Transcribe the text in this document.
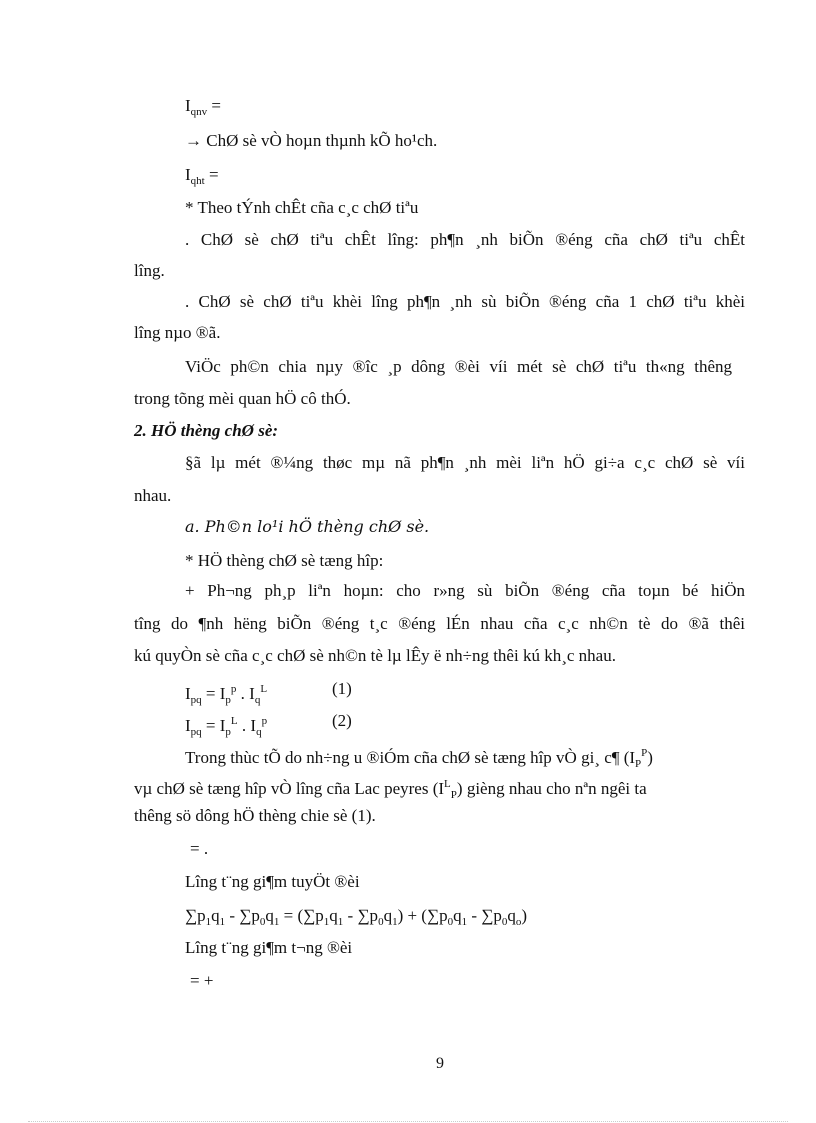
$I_{qnv}$ =
→ ChØ sè vÒ hoµn thµnh kÕ ho¹ch.
$I_{qht}$ =
* Theo tÝnh chÊt cña c¸c chØ tiªu
. ChØ sè chØ tiªu chÊt lîng: ph¶n ¸nh biÕn ®éng cña chØ tiªu chÊt
lîng.
. ChØ sè chØ tiªu khèi lîng ph¶n ¸nh sù biÕn ®éng cña 1 chØ tiªu khèi
lîng nµo ®ã.
ViÖc ph©n chia nµy ®îc ¸p dông ®èi víi mét sè chØ tiªu th«ng thêng
trong tõng mèi quan hÖ cô thÓ.
2. HÖ thèng chØ sè:
§ã lµ mét ®¼ng thøc mµ nã ph¶n ¸nh mèi liªn hÖ gi÷a c¸c chØ sè víi
nhau.
a. Ph©n lo¹i hÖ thèng chØ sè.
* HÖ thèng chØ sè tæng hîp:
+ Ph¬ng ph¸p liªn hoµn: cho r»ng sù biÕn ®éng cña toµn bé hiÖn
tîng do ¶nh hëng biÕn ®éng t¸c ®éng lÉn nhau cña c¸c nh©n tè do ®ã thêi
kú quyÒn sè cña c¸c chØ sè nh©n tè lµ lÊy ë nh÷ng thêi kú kh¸c nhau.
$I_{pq} = I_p^p$ . $I_q^L$	(1)
$I_{pq} = I_p^L$ . $I_q^p$	(2)
Trong thùc tÕ do nh÷ng u ®iÓm cña chØ sè tæng hîp vÒ gi¸ c¶ $(I_P^P)$
vµ chØ sè tæng hîp vÒ lîng cña Lac peyres $(I^L_P)$ gièng nhau cho nªn ngêi ta
thêng sö dông hÖ thèng chie sè (1).
= .
Lîng t¨ng gi¶m tuyÖt ®èi
$\sum p_1q_1 - \sum p_0q_1 = (\sum p_1q_1 - \sum p_0q_1) + (\sum p_0q_1 - \sum p_0q_o)$
Lîng t¨ng gi¶m t¬ng ®èi
= +
9
